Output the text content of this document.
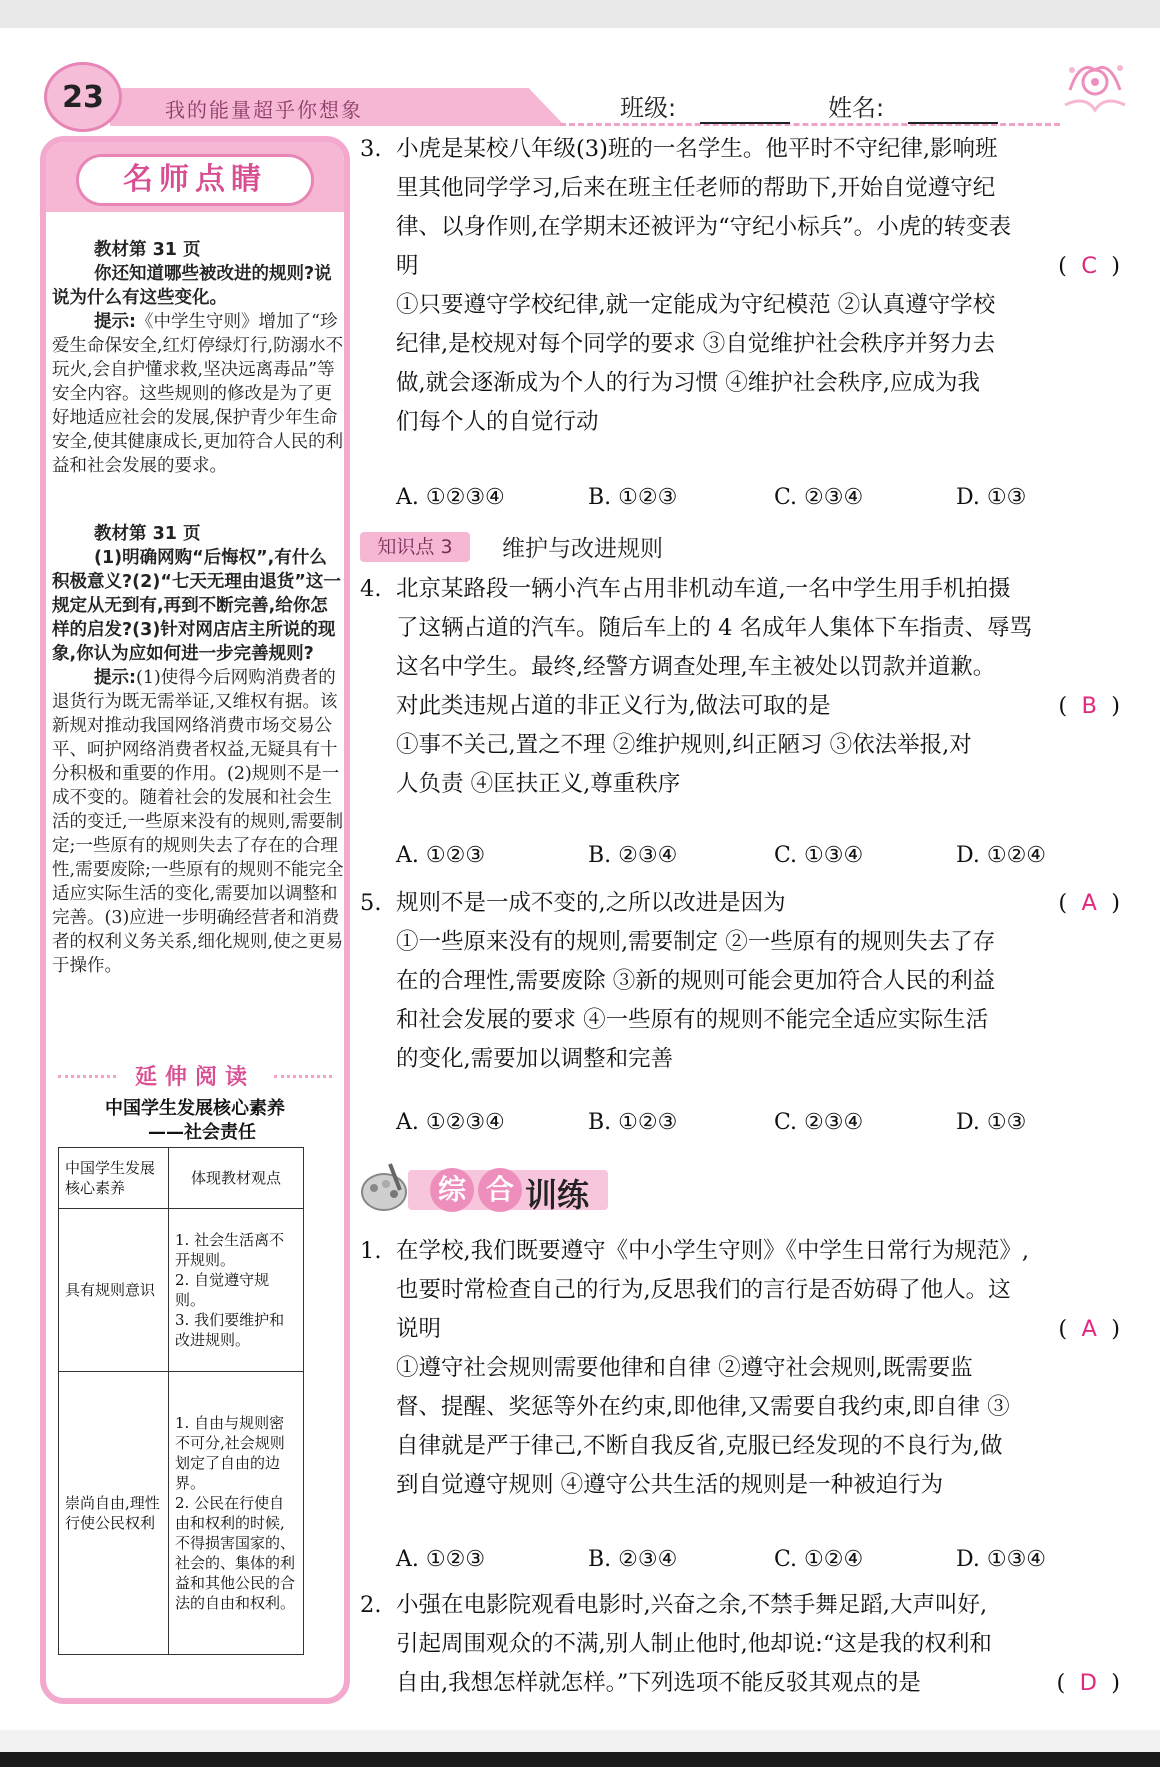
23	我的能量超乎你想象	班级:	姓名:
名师点睛

教材第 31 页

你还知道哪些被改进的规则?说说为什么有这些变化。

提示:《中学生守则》增加了“珍爱生命保安全,红灯停绿灯行,防溺水不玩火,会自护懂求救,坚决远离毒品”等安全内容。这些规则的修改是为了更好地适应社会的发展,保护青少年生命安全,使其健康成长,更加符合人民的利益和社会发展的要求。

教材第 31 页

(1)明确网购“后悔权”,有什么积极意义?(2)“七天无理由退货”这一规定从无到有,再到不断完善,给你怎样的启发?(3)针对网店店主所说的现象,你认为应如何进一步完善规则?

提示:(1)使得今后网购消费者的退货行为既无需举证,又维权有据。该新规对推动我国网络消费市场交易公平、呵护网络消费者权益,无疑具有十分积极和重要的作用。(2)规则不是一成不变的。随着社会的发展和社会生活的变迁,一些原来没有的规则,需要制定;一些原有的规则失去了存在的合理性,需要废除;一些原有的规则不能完全适应实际生活的变化,需要加以调整和完善。(3)应进一步明确经营者和消费者的权利义务关系,细化规则,使之更易于操作。

延伸阅读
中国学生发展核心素养
——社会责任
中国学生发展核心素养	体现教材观点
具有规则意识	1. 社会生活离不开规则。
2. 自觉遵守规则。
3. 我们要维护和改进规则。
崇尚自由,理性行使公民权利	1. 自由与规则密不可分,社会规则划定了自由的边界。
2. 公民在行使自由和权利的时候,不得损害国家的、社会的、集体的利益和其他公民的合法的自由和权利。
3. 小虎是某校八年级(3)班的一名学生。他平时不守纪律,影响班
里其他同学学习,后来在班主任老师的帮助下,开始自觉遵守纪
律、以身作则,在学期末还被评为“守纪小标兵”。小虎的转变表
明	(  C  )
①只要遵守学校纪律,就一定能成为守纪模范 ②认真遵守学校
纪律,是校规对每个同学的要求 ③自觉维护社会秩序并努力去
做,就会逐渐成为个人的行为习惯 ④维护社会秩序,应成为我
们每个人的自觉行动
A. ①②③④	B. ①②③	C. ②③④	D. ①③
4. 北京某路段一辆小汽车占用非机动车道,一名中学生用手机拍摄
了这辆占道的汽车。随后车上的 4 名成年人集体下车指责、辱骂
这名中学生。最终,经警方调查处理,车主被处以罚款并道歉。
对此类违规占道的非正义行为,做法可取的是	(  B  )
①事不关己,置之不理 ②维护规则,纠正陋习 ③依法举报,对
人负责 ④匡扶正义,尊重秩序
A. ①②③	B. ②③④	C. ①③④	D. ①②④
5. 规则不是一成不变的,之所以改进是因为	(  A  )
①一些原来没有的规则,需要制定 ②一些原有的规则失去了存
在的合理性,需要废除 ③新的规则可能会更加符合人民的利益
和社会发展的要求 ④一些原有的规则不能完全适应实际生活
的变化,需要加以调整和完善
A. ①②③④	B. ①②③	C. ②③④	D. ①③
1. 在学校,我们既要遵守《中小学生守则》《中学生日常行为规范》,
也要时常检查自己的行为,反思我们的言行是否妨碍了他人。这
说明	(  A  )
①遵守社会规则需要他律和自律 ②遵守社会规则,既需要监
督、提醒、奖惩等外在约束,即他律,又需要自我约束,即自律 ③
自律就是严于律己,不断自我反省,克服已经发现的不良行为,做
到自觉遵守规则 ④遵守公共生活的规则是一种被迫行为
A. ①②③	B. ②③④	C. ①②④	D. ①③④
2. 小强在电影院观看电影时,兴奋之余,不禁手舞足蹈,大声叫好,
引起周围观众的不满,别人制止他时,他却说:“这是我的权利和
自由,我想怎样就怎样。”下列选项不能反驳其观点的是	(  D  )
知识点 3	维护与改进规则
综 合 训练
